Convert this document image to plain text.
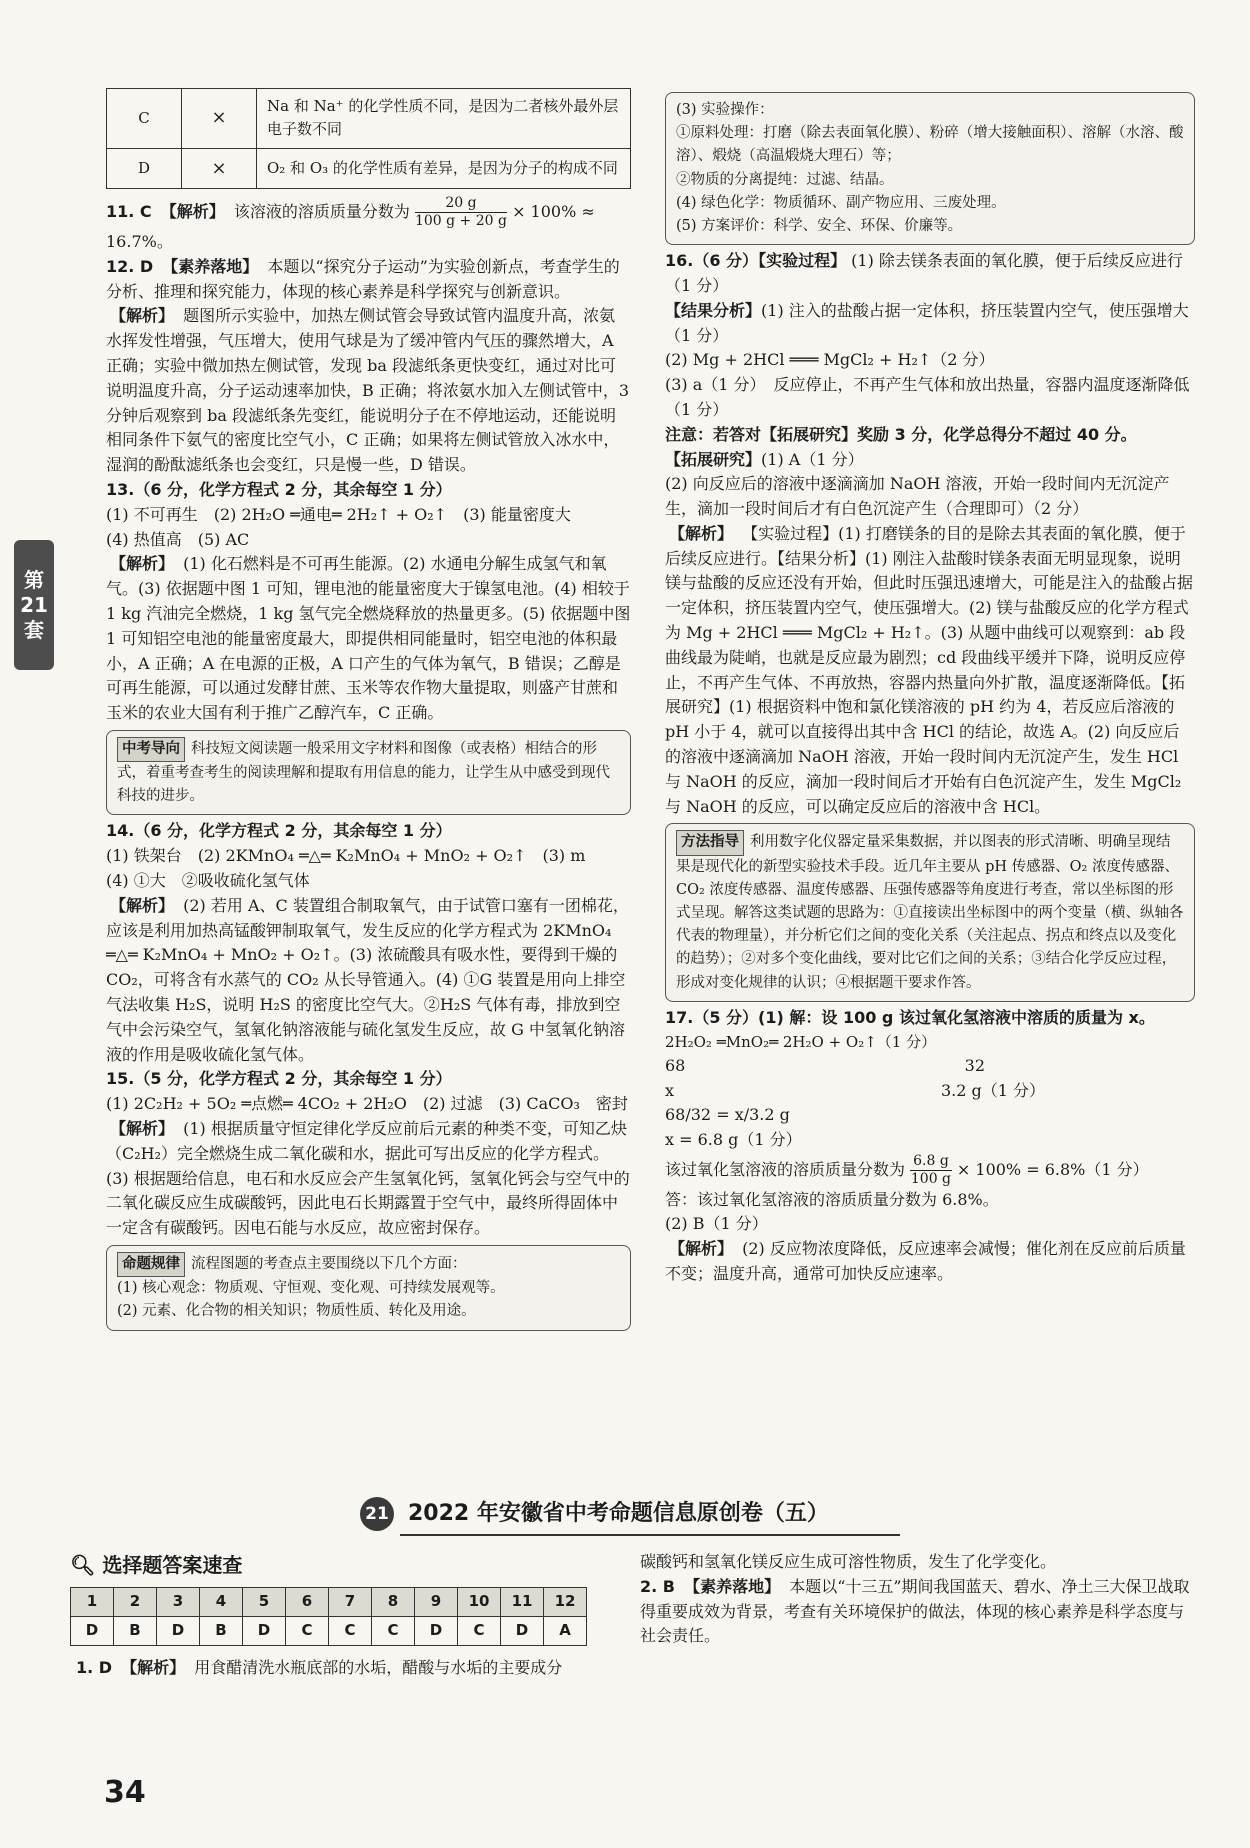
第
21
套
C	×	Na 和 Na⁺ 的化学性质不同，是因为二者核外最外层电子数不同
D	×	O₂ 和 O₃ 的化学性质有差异，是因为分子的构成不同

11. C 【解析】 该溶液的溶质质量分数为 $\frac{20 g}{100 g + 20 g} \times 100\% \approx 16.7\%$。

12. D 【素养落地】 本题以“探究分子运动”为实验创新点，考查学生的分析、推理和探究能力，体现的核心素养是科学探究与创新意识。

【解析】 题图所示实验中，加热左侧试管会导致试管内温度升高，浓氨水挥发性增强，气压增大，使用气球是为了缓冲管内气压的骤然增大，A 正确；实验中微加热左侧试管，发现 ba 段滤纸条更快变红，通过对比可说明温度升高，分子运动速率加快，B 正确；将浓氨水加入左侧试管中，3 分钟后观察到 ba 段滤纸条先变红，能说明分子在不停地运动，还能说明相同条件下氨气的密度比空气小，C 正确；如果将左侧试管放入冰水中，湿润的酚酞滤纸条也会变红，只是慢一些，D 错误。

13.（6 分，化学方程式 2 分，其余每空 1 分）

(1) 不可再生　(2) 2H₂O ═通电═ 2H₂↑ + O₂↑　(3) 能量密度大

(4) 热值高　(5) AC

【解析】 (1) 化石燃料是不可再生能源。(2) 水通电分解生成氢气和氧气。(3) 依据题中图 1 可知，锂电池的能量密度大于镍氢电池。(4) 相较于 1 kg 汽油完全燃烧，1 kg 氢气完全燃烧释放的热量更多。(5) 依据题中图 1 可知铝空电池的能量密度最大，即提供相同能量时，铝空电池的体积最小，A 正确；A 在电源的正极，A 口产生的气体为氧气，B 错误；乙醇是可再生能源，可以通过发酵甘蔗、玉米等农作物大量提取，则盛产甘蔗和玉米的农业大国有利于推广乙醇汽车，C 正确。

中考导向 科技短文阅读题一般采用文字材料和图像（或表格）相结合的形式，着重考查考生的阅读理解和提取有用信息的能力，让学生从中感受到现代科技的进步。

14.（6 分，化学方程式 2 分，其余每空 1 分）

(1) 铁架台　(2) 2KMnO₄ ═△═ K₂MnO₄ + MnO₂ + O₂↑　(3) m

(4) ①大　②吸收硫化氢气体

【解析】 (2) 若用 A、C 装置组合制取氧气，由于试管口塞有一团棉花，应该是利用加热高锰酸钾制取氧气，发生反应的化学方程式为 2KMnO₄ ═△═ K₂MnO₄ + MnO₂ + O₂↑。(3) 浓硫酸具有吸水性，要得到干燥的 CO₂，可将含有水蒸气的 CO₂ 从长导管通入。(4) ①G 装置是用向上排空气法收集 H₂S，说明 H₂S 的密度比空气大。②H₂S 气体有毒，排放到空气中会污染空气，氢氧化钠溶液能与硫化氢发生反应，故 G 中氢氧化钠溶液的作用是吸收硫化氢气体。

15.（5 分，化学方程式 2 分，其余每空 1 分）

(1) 2C₂H₂ + 5O₂ ═点燃═ 4CO₂ + 2H₂O　(2) 过滤　(3) CaCO₃　密封

【解析】 (1) 根据质量守恒定律化学反应前后元素的种类不变，可知乙炔（C₂H₂）完全燃烧生成二氧化碳和水，据此可写出反应的化学方程式。(3) 根据题给信息，电石和水反应会产生氢氧化钙，氢氧化钙会与空气中的二氧化碳反应生成碳酸钙，因此电石长期露置于空气中，最终所得固体中一定含有碳酸钙。因电石能与水反应，故应密封保存。

命题规律 流程图题的考查点主要围绕以下几个方面：
(1) 核心观念：物质观、守恒观、变化观、可持续发展观等。
(2) 元素、化合物的相关知识；物质性质、转化及用途。
(3) 实验操作：
①原料处理：打磨（除去表面氧化膜）、粉碎（增大接触面积）、溶解（水溶、酸溶）、煅烧（高温煅烧大理石）等；
②物质的分离提纯：过滤、结晶。
(4) 绿色化学：物质循环、副产物应用、三废处理。
(5) 方案评价：科学、安全、环保、价廉等。

16.（6 分）【实验过程】 (1) 除去镁条表面的氧化膜，便于后续反应进行（1 分）

【结果分析】(1) 注入的盐酸占据一定体积，挤压装置内空气，使压强增大（1 分）

(2) Mg + 2HCl ═══ MgCl₂ + H₂↑（2 分）

(3) a（1 分）　反应停止，不再产生气体和放出热量，容器内温度逐渐降低（1 分）

注意：若答对【拓展研究】奖励 3 分，化学总得分不超过 40 分。

【拓展研究】(1) A（1 分）

(2) 向反应后的溶液中逐滴滴加 NaOH 溶液，开始一段时间内无沉淀产生，滴加一段时间后才有白色沉淀产生（合理即可）（2 分）

【解析】 【实验过程】(1) 打磨镁条的目的是除去其表面的氧化膜，便于后续反应进行。【结果分析】(1) 刚注入盐酸时镁条表面无明显现象，说明镁与盐酸的反应还没有开始，但此时压强迅速增大，可能是注入的盐酸占据一定体积，挤压装置内空气，使压强增大。(2) 镁与盐酸反应的化学方程式为 Mg + 2HCl ═══ MgCl₂ + H₂↑。(3) 从题中曲线可以观察到：ab 段曲线最为陡峭，也就是反应最为剧烈；cd 段曲线平缓并下降，说明反应停止，不再产生气体、不再放热，容器内热量向外扩散，温度逐渐降低。【拓展研究】(1) 根据资料中饱和氯化镁溶液的 pH 约为 4，若反应后溶液的 pH 小于 4，就可以直接得出其中含 HCl 的结论，故选 A。(2) 向反应后的溶液中逐滴滴加 NaOH 溶液，开始一段时间内无沉淀产生，发生 HCl 与 NaOH 的反应，滴加一段时间后才开始有白色沉淀产生，发生 MgCl₂ 与 NaOH 的反应，可以确定反应后的溶液中含 HCl。

方法指导 利用数字化仪器定量采集数据，并以图表的形式清晰、明确呈现结果是现代化的新型实验技术手段。近几年主要从 pH 传感器、O₂ 浓度传感器、CO₂ 浓度传感器、温度传感器、压强传感器等角度进行考查，常以坐标图的形式呈现。解答这类试题的思路为：①直接读出坐标图中的两个变量（横、纵轴各代表的物理量），并分析它们之间的变化关系（关注起点、拐点和终点以及变化的趋势）；②对多个变化曲线，要对比它们之间的关系；③结合化学反应过程，形成对变化规律的认识；④根据题干要求作答。

17.（5 分）(1) 解：设 100 g 该过氧化氢溶液中溶质的质量为 x。

2H₂O₂ ═MnO₂═ 2H₂O + O₂↑（1 分）

68	32
x	3.2 g（1 分）

68/32 = x/3.2 g

x = 6.8 g（1 分）

该过氧化氢溶液的溶质质量分数为 $\frac{6.8 g}{100 g} \times 100\% = 6.8\%(1$ 分）

答：该过氧化氢溶液的溶质质量分数为 6.8%。

(2) B（1 分）

【解析】 (2) 反应物浓度降低，反应速率会减慢；催化剂在反应前后质量不变；温度升高，通常可加快反应速率。

21 2022 年安徽省中考命题信息原创卷（五）
🔍︎ 选择题答案速查
1	2	3	4	5	6	7	8	9	10	11	12
D	B	D	B	D	C	C	C	D	C	D	A

1. D 【解析】 用食醋清洗水瓶底部的水垢，醋酸与水垢的主要成分

碳酸钙和氢氧化镁反应生成可溶性物质，发生了化学变化。

2. B 【素养落地】 本题以“十三五”期间我国蓝天、碧水、净土三大保卫战取得重要成效为背景，考查有关环境保护的做法，体现的核心素养是科学态度与社会责任。

34
